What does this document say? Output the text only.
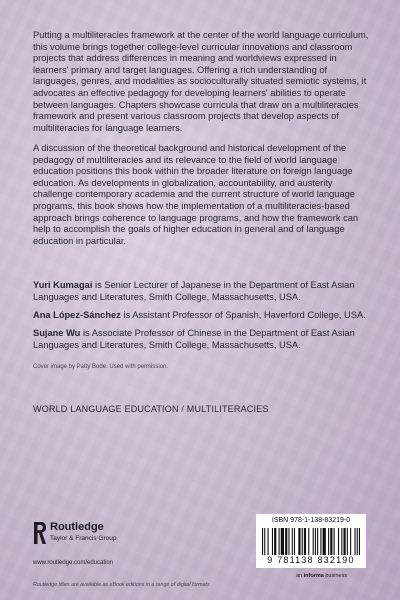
Putting a multiliteracies framework at the center of the world language curriculum, this volume brings together college-level curricular innovations and classroom projects that address differences in meaning and worldviews expressed in learners' primary and target languages. Offering a rich understanding of languages, genres, and modalities as socioculturally situated semiotic systems, it advocates an effective pedagogy for developing learners' abilities to operate between languages. Chapters showcase curricula that draw on a multiliteracies framework and present various classroom projects that develop aspects of multiliteracies for language learners.

A discussion of the theoretical background and historical development of the pedagogy of multiliteracies and its relevance to the field of world language education positions this book within the broader literature on foreign language education. As developments in globalization, accountability, and austerity challenge contemporary academia and the current structure of world language programs, this book shows how the implementation of a multiliteracies-based approach brings coherence to language programs, and how the framework can help to accomplish the goals of higher education in general and of language education in particular.

Yuri Kumagai is Senior Lecturer of Japanese in the Department of East Asian Languages and Literatures, Smith College, Massachusetts, USA.

Ana López-Sánchez is Assistant Professor of Spanish, Haverford College, USA.

Sujane Wu is Associate Professor of Chinese in the Department of East Asian Languages and Literatures, Smith College, Massachusetts, USA.

Cover image by Patty Bode. Used with permission.
WORLD LANGUAGE EDUCATION / MULTILITERACIES
Routledge
Taylor & Francis Group
www.routledge.com/education
ISBN 978-1-138-83219-0
9 781138 832190
an informa business
Routledge titles are available as eBook editions in a range of digital formats
